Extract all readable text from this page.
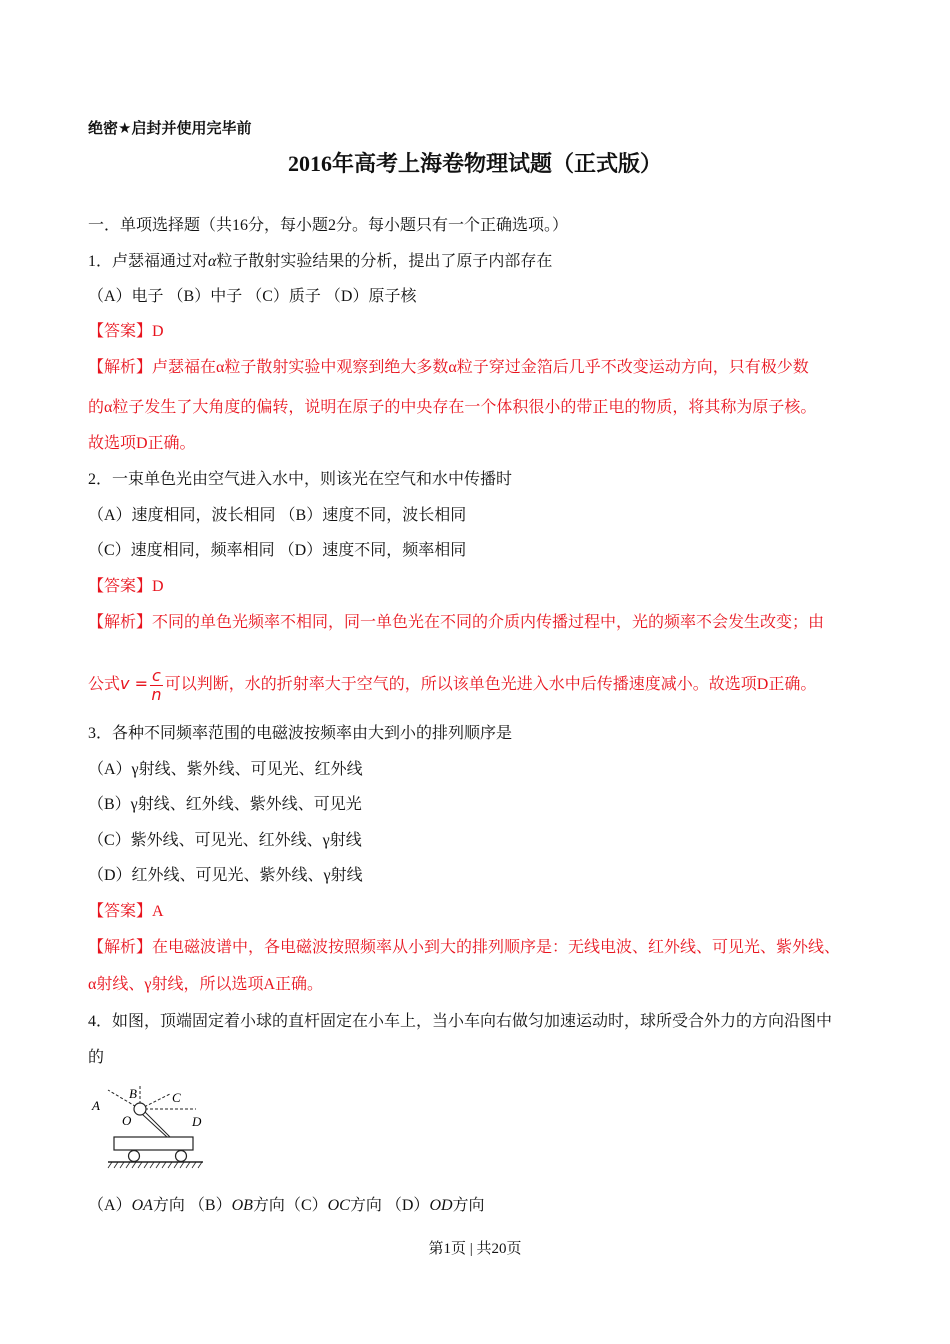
绝密★启封并使用完毕前
2016年高考上海卷物理试题（正式版）
一．单项选择题（共16分，每小题2分。每小题只有一个正确选项。）
1．卢瑟福通过对α粒子散射实验结果的分析，提出了原子内部存在
（A）电子 （B）中子 （C）质子 （D）原子核
【答案】D
【解析】卢瑟福在α粒子散射实验中观察到绝大多数α粒子穿过金箔后几乎不改变运动方向，只有极少数
的α粒子发生了大角度的偏转，说明在原子的中央存在一个体积很小的带正电的物质，将其称为原子核。
故选项D正确。
2．一束单色光由空气进入水中，则该光在空气和水中传播时
（A）速度相同，波长相同 （B）速度不同，波长相同
（C）速度相同，频率相同 （D）速度不同，频率相同
【答案】D
【解析】不同的单色光频率不相同，同一单色光在不同的介质内传播过程中，光的频率不会发生改变；由
公式$v = \frac{c}{n}$ 可以判断，水的折射率大于空气的，所以该单色光进入水中后传播速度减小。故选项D正确。
3．各种不同频率范围的电磁波按频率由大到小的排列顺序是
（A）γ射线、紫外线、可见光、红外线
（B）γ射线、红外线、紫外线、可见光
（C）紫外线、可见光、红外线、γ射线
（D）红外线、可见光、紫外线、γ射线
【答案】A
【解析】在电磁波谱中，各电磁波按照频率从小到大的排列顺序是：无线电波、红外线、可见光、紫外线、
α射线、γ射线，所以选项A正确。
4．如图，顶端固定着小球的直杆固定在小车上，当小车向右做匀加速运动时，球所受合外力的方向沿图中
的
A
B	C
D
O
（A）OA方向 （B）OB方向（C）OC方向 （D）OD方向
第1页 | 共20页
